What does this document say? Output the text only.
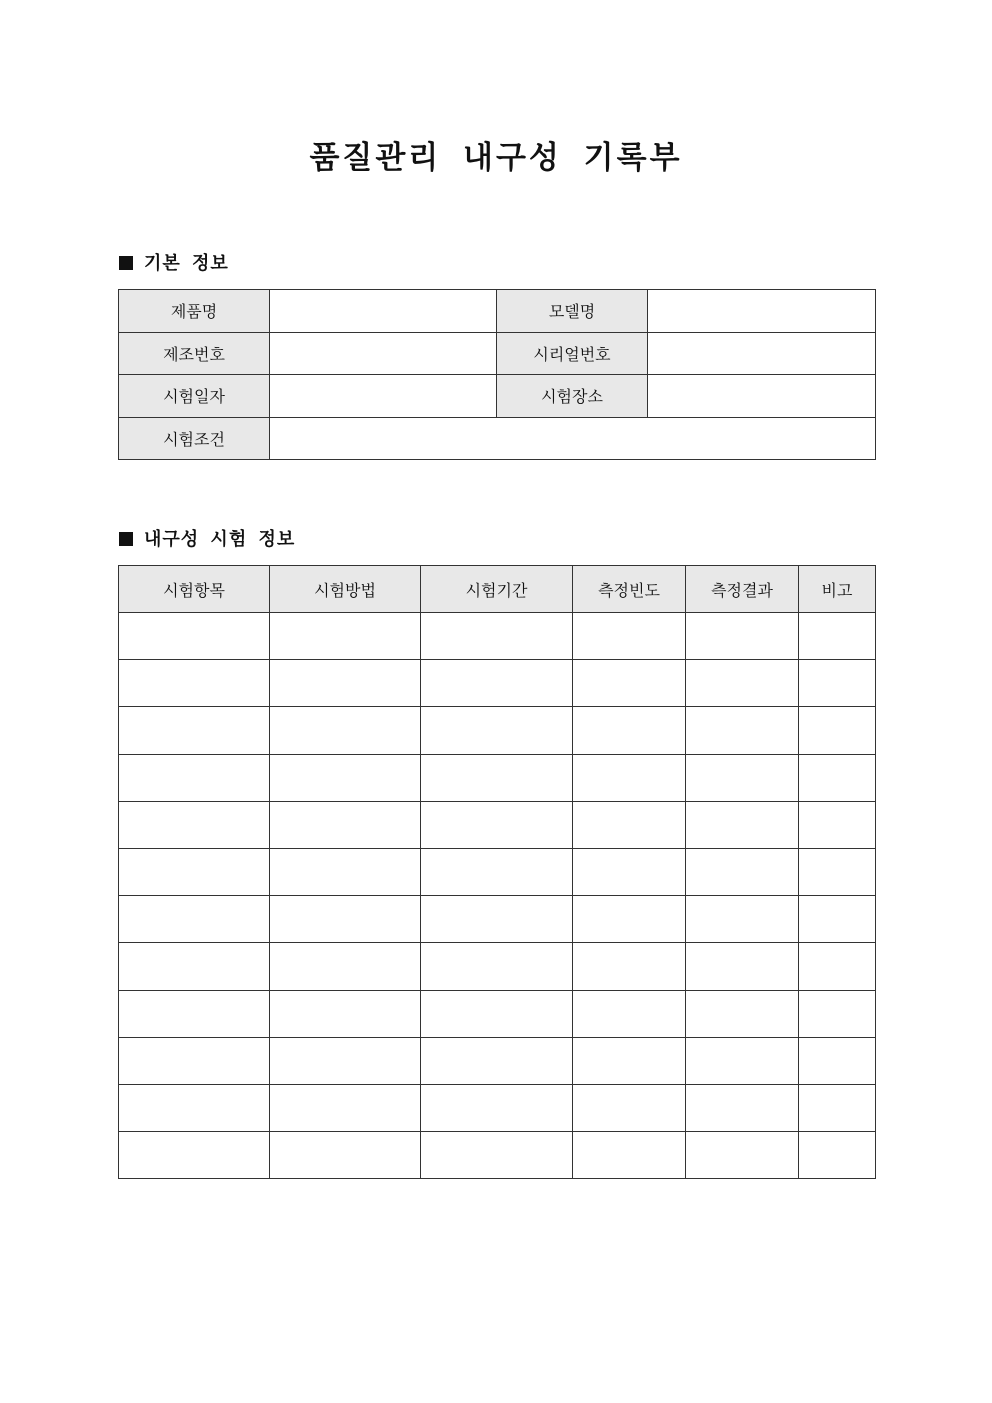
품질관리 내구성 기록부
기본 정보
제품명		모델명	
제조번호		시리얼번호	
시험일자		시험장소	
시험조건			
내구성 시험 정보
시험항목	시험방법	시험기간	측정빈도	측정결과	비고
